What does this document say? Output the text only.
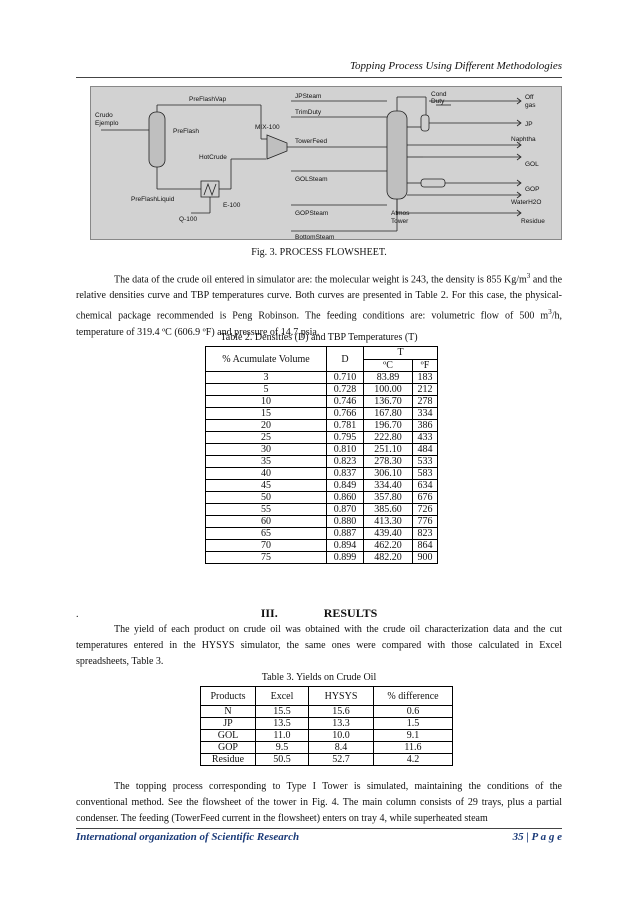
Topping Process Using Different Methodologies
Crudo
Ejemplo
PreFlashVap
PreFlash
HotCrude
PreFlashLiquid
E-100
Q-100
MIX-100
JPSteam
TrimDuty
TowerFeed
GOLSteam
GOPSteam
BottomSteam
Cond
Duty
Atmos
Tower
Off
gas
JP
Naphtha
GOL
GOP
WaterH2O
Residue
Fig. 3. PROCESS FLOWSHEET.

The data of the crude oil entered in simulator are: the molecular weight is 243, the density is 855 $Kg/m^3$ and the relative densities curve and TBP temperatures curve. Both curves are presented in Table 2. For this case, the physical-chemical package recommended is Peng Robinson. The feeding conditions are: volumetric flow of 500 $m^3/h$, temperature of 319.4 ºC (606.9 ºF) and pressure of 14.7 psia.

Table 2. Densities (D) and TBP Temperatures (T)
% Acumulate Volume	D	T	
		ºC	ºF
3	0.710	83.89	183
5	0.728	100.00	212
10	0.746	136.70	278
15	0.766	167.80	334
20	0.781	196.70	386
25	0.795	222.80	433
30	0.810	251.10	484
35	0.823	278.30	533
40	0.837	306.10	583
45	0.849	334.40	634
50	0.860	357.80	676
55	0.870	385.60	726
60	0.880	413.30	776
65	0.887	439.40	823
70	0.894	462.20	864
75	0.899	482.20	900
.	III.	RESULTS

The yield of each product on crude oil was obtained with the crude oil characterization data and the cut temperatures entered in the HYSYS simulator, the same ones were compared with those calculated in Excel spreadsheets, Table 3.

Table 3. Yields on Crude Oil
Products	Excel	HYSYS	% difference
N	15.5	15.6	0.6
JP	13.5	13.3	1.5
GOL	11.0	10.0	9.1
GOP	9.5	8.4	11.6
Residue	50.5	52.7	4.2

The topping process corresponding to Type I Tower is simulated, maintaining the conditions of the conventional method. See the flowsheet of the tower in Fig. 4. The main column consists of 29 trays, plus a partial condenser. The feeding (TowerFeed current in the flowsheet) enters on tray 4, while superheated steam

International organization of Scientific Research	35 | P a g e
